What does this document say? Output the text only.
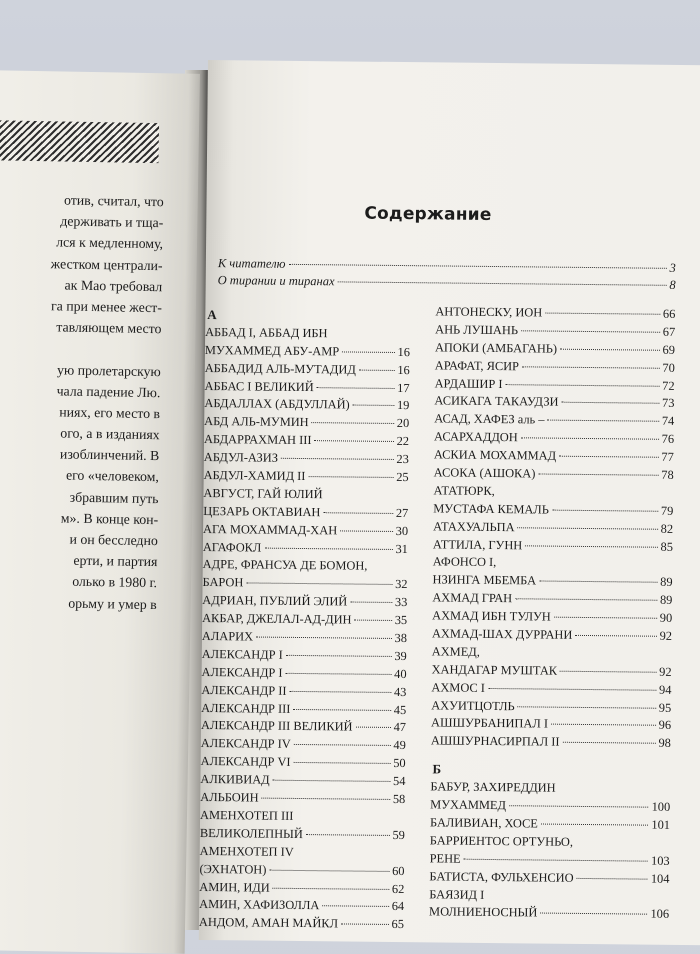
отив, считал, что
держивать и тща-
лся к медленному,
жестком централи-
ак Мао требовал
га при менее жест-
тавляющем место
ую пролетарскую
чала падение Лю.
ниях, его место в
ого, а в изданиях
изоблинчений. В
его «человеком,
збравшим путь
м». В конце кон-
и он бесследно
ерти, и партия
олько в 1980 г.
орьму и умер в
Содержание
К читателю	3
О тирании и тиранах	8
А
АББАД I, АББАД ИБН
МУХАММЕД АБУ-АМР	16
АББАДИД АЛЬ-МУТАДИД	16
АББАС I ВЕЛИКИЙ	17
АБДАЛЛАХ (АБДУЛЛАЙ)	19
АБД АЛЬ-МУМИН	20
АБДАРРАХМАН III	22
АБДУЛ-АЗИЗ	23
АБДУЛ-ХАМИД II	25
АВГУСТ, ГАЙ ЮЛИЙ
ЦЕЗАРЬ ОКТАВИАН	27
АГА МОХАММАД-ХАН	30
АГАФОКЛ	31
АДРЕ, ФРАНСУА ДЕ БОМОН,
БАРОН	32
АДРИАН, ПУБЛИЙ ЭЛИЙ	33
АКБАР, ДЖЕЛАЛ-АД-ДИН	35
АЛАРИХ	38
АЛЕКСАНДР I	39
АЛЕКСАНДР I	40
АЛЕКСАНДР II	43
АЛЕКСАНДР III	45
АЛЕКСАНДР III ВЕЛИКИЙ	47
АЛЕКСАНДР IV	49
АЛЕКСАНДР VI	50
АЛКИВИАД	54
АЛЬБОИН	58
АМЕНХОТЕП III
ВЕЛИКОЛЕПНЫЙ	59
АМЕНХОТЕП IV
(ЭХНАТОН)	60
АМИН, ИДИ	62
АМИН, ХАФИЗОЛЛА	64
АНДОМ, АМАН МАЙКЛ	65
АНТОНЕСКУ, ИОН	66
АНЬ ЛУШАНЬ	67
АПОКИ (АМБАГАНЬ)	69
АРАФАТ, ЯСИР	70
АРДАШИР I	72
АСИКАГА ТАКАУДЗИ	73
АСАД, ХАФЕЗ аль –	74
АСАРХАДДОН	76
АСКИА МОХАММАД	77
АСОКА (АШОКА)	78
АТАТЮРК,
МУСТАФА КЕМАЛЬ	79
АТАХУАЛЬПА	82
АТТИЛА, ГУНН	85
АФОНСО I,
НЗИНГА МБЕМБА	89
АХМАД ГРАН	89
АХМАД ИБН ТУЛУН	90
АХМАД-ШАХ ДУРРАНИ	92
АХМЕД,
ХАНДАГАР МУШТАК	92
АХМОС I	94
АХУИТЦОТЛЬ	95
АШШУРБАНИПАЛ I	96
АШШУРНАСИРПАЛ II	98
Б
БАБУР, ЗАХИРЕДДИН
МУХАММЕД	100
БАЛИВИАН, ХОСЕ	101
БАРРИЕНТОС ОРТУНЬО,
РЕНЕ	103
БАТИСТА, ФУЛЬХЕНСИО	104
БАЯЗИД I
МОЛНИЕНОСНЫЙ	106
